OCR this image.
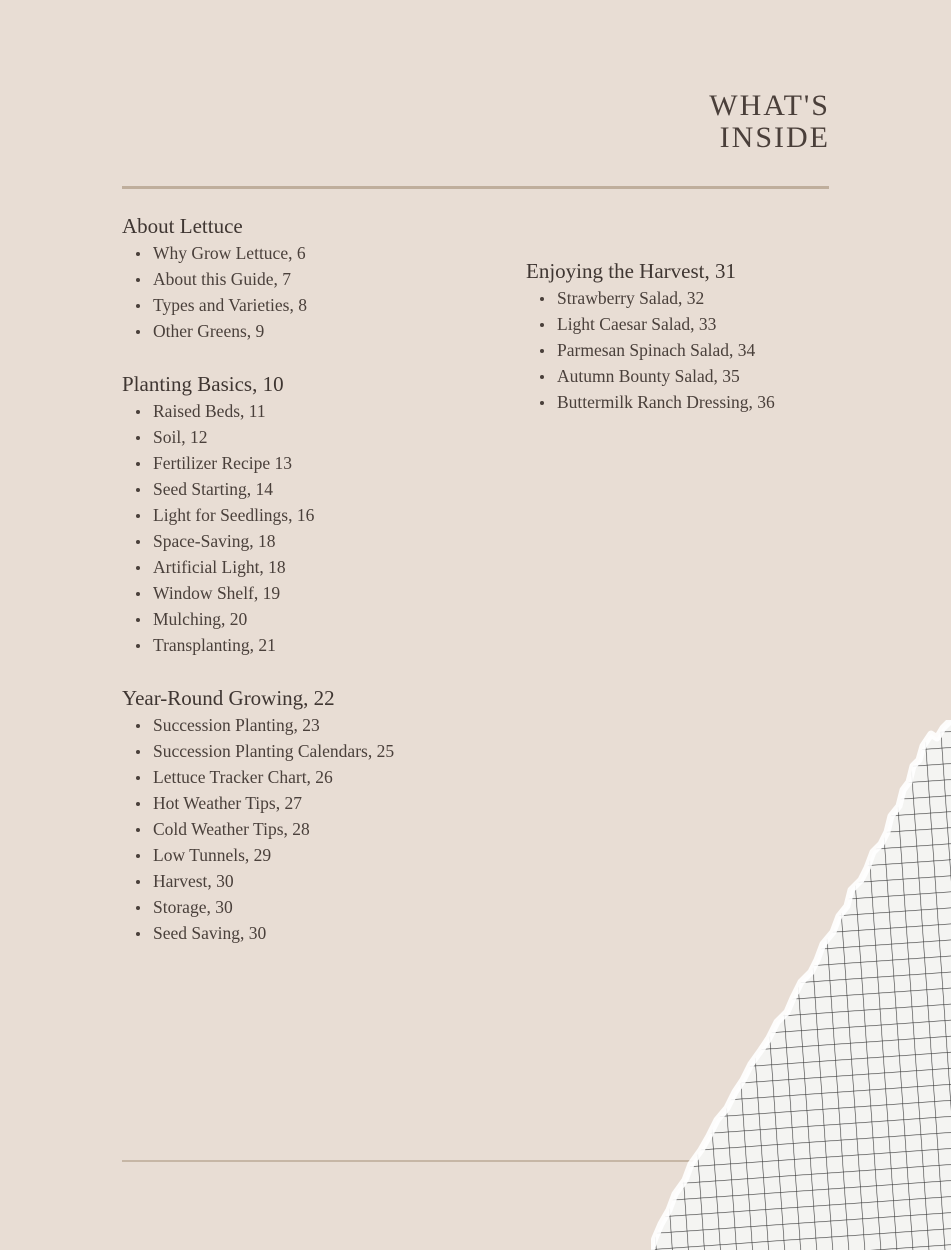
WHAT'S
INSIDE
About Lettuce
Why Grow Lettuce, 6
About this Guide, 7
Types and Varieties, 8
Other Greens, 9
Planting Basics, 10
Raised Beds, 11
Soil, 12
Fertilizer Recipe 13
Seed Starting, 14
Light for Seedlings, 16
Space-Saving, 18
Artificial Light, 18
Window Shelf, 19
Mulching, 20
Transplanting, 21
Year-Round Growing, 22
Succession Planting, 23
Succession Planting Calendars, 25
Lettuce Tracker Chart, 26
Hot Weather Tips, 27
Cold Weather Tips, 28
Low Tunnels, 29
Harvest, 30
Storage, 30
Seed Saving, 30
Enjoying the Harvest, 31
Strawberry Salad, 32
Light Caesar Salad, 33
Parmesan Spinach Salad, 34
Autumn Bounty Salad, 35
Buttermilk Ranch Dressing, 36
